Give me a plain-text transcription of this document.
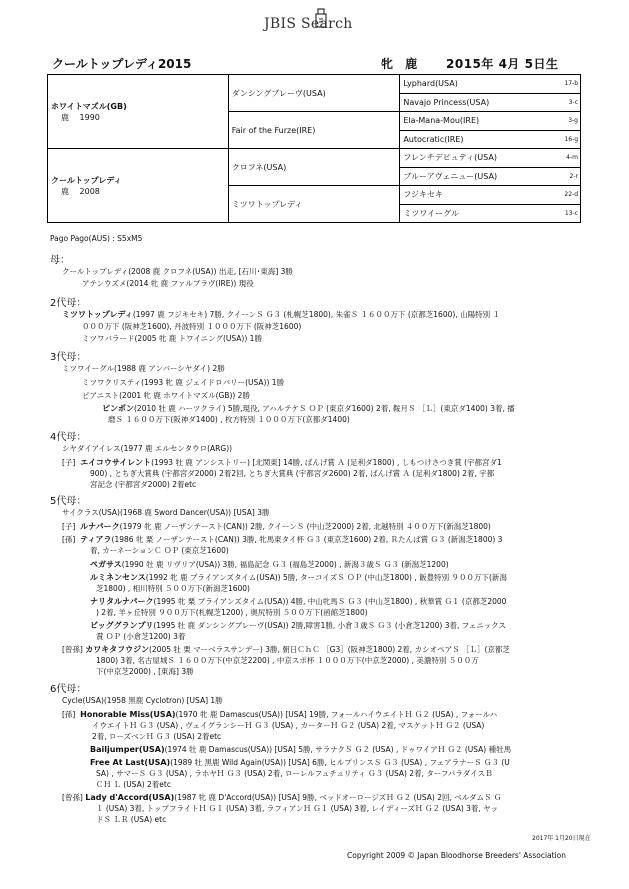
JBIS Search
クールトップレディ2015	牝 鹿 2015年 4月 5日生
ホワイトマズル(GB)
鹿　 1990	ダンシングブレーヴ(USA)	Lyphard(USA)	17-b
		Navajo Princess(USA)	3-c
	Fair of the Furze(IRE)	Ela-Mana-Mou(IRE)	3-g
		Autocratic(IRE)	16-g
クールトップレディ
鹿　 2008	クロフネ(USA)	フレンチデピュティ(USA)	4-m
		ブルーアヴェニュー(USA)	2-r
	ミツワトップレディ	フジキセキ	22-d
		ミツワイーグル	13-c
Pago Pago(AUS) : S5xM5
母：
クールトップレディ(2008 鹿 クロフネ(USA)) 出走, [石川･東海] 3勝
アテンウズメ(2014 牝 鹿 ファルブラヴ(IRE)) 現役
2代母：
ミツワトップレディ(1997 鹿 フジキセキ) 7勝, クイーンＳ Ｇ３ (札幌芝1800), 朱雀Ｓ １６００万下 (京都芝1600), 山陽特別 １
０００万下 (阪神芝1600), 丹波特別 １０００万下 (阪神芝1600)
ミツワバラード(2005 牝 鹿 トワイニング(USA)) 1勝
3代母：
ミツワイーグル(1988 鹿 アンバーシヤダイ) 2勝
ミツワクリスティ(1993 牝 鹿 ジェイドロバリー(USA)) 1勝
ピアニスト(2001 牝 鹿 ホワイトマズル(GB)) 2勝
ピンポン(2010 牡 鹿 ハーツクライ) 5勝,現役, アハルテケＳ ＯＰ (東京ダ1600) 2着, 鞍月Ｓ ［Ｌ］(東京ダ1400) 3着, 播
磨Ｓ １６００万下(阪神ダ1400) , 枚方特別 １０００万下(京都ダ1400)
4代母：
シヤダイアイレス(1977 鹿 エルセンタウロ(ARG))
[子] エイコウサイレント(1993 牡 鹿 アンシストリー) [北関東] 14勝, ばんげ賞 Ａ (足利ダ1800) , しもつけさつき賞 (宇都宮ダ1
900) , とちぎ大賞典 (宇都宮ダ2000) 2着2回, とちぎ大賞典 (宇都宮ダ2600) 2着, ばんげ賞 Ａ (足利ダ1800) 2着, 宇都
宮記念 (宇都宮ダ2000) 2着etc
5代母：
サイクラス(USA)(1968 鹿 Sword Dancer(USA)) [USA] 3勝
[子] ルナパーク(1979 牝 鹿 ノーザンテースト(CAN)) 2勝, クイーンＳ (中山芝2000) 2着, 北越特別 ４００万下(新潟芝1800)
[孫] ティアラ(1986 牝 栗 ノーザンテースト(CAN)) 3勝, 牝馬東タイ杯 Ｇ３ (東京芝1600) 2着, Ｒたんぱ賞 Ｇ３ (新潟芝1800) 3
着, カーネーションＣ ＯＰ (東京芝1600)
ペガサス(1990 牡 鹿 リヴリア(USA)) 3勝, 福島記念 Ｇ３ (福島芝2000) , 新潟３歳Ｓ Ｇ３ (新潟芝1200)
ルミネンセンス(1992 牝 鹿 ブライアンズタイム(USA)) 5勝, ターコイズＳ ＯＰ (中山芝1800) , 飯豊特別 ９００万下(新潟
芝1800) , 相川特別 ５００万下(新潟芝1600)
ナリタルナパーク(1995 牝 栗 ブライアンズタイム(USA)) 4勝, 中山牝馬Ｓ Ｇ３ (中山芝1800) , 秋華賞 Ｇ１ (京都芝2000
) 2着, 羊ヶ丘特別 ９００万下(札幌芝1200) , 奥尻特別 ５００万下(函館芝1800)
ビッググランプリ(1995 牡 鹿 ダンシングブレーヴ(USA)) 2勝,障害1勝, 小倉３歳Ｓ Ｇ３ (小倉芝1200) 3着, フェニックス
賞 ＯＰ (小倉芝1200) 3着
[曾孫] カワキタフウジン(2005 牡 栗 マーベラスサンデー) 3勝, 朝日ＣｈＣ ［G3］(阪神芝1800) 2着, カシオペアＳ ［Ｌ］(京都芝
1800) 3着, 名古屋城Ｓ １６００万下(中京芝2200) , 中京スポ杯 １０００万下(中京芝2000) , 美濃特別 ５００万
下(中京芝2000) , [東海] 3勝
6代母：
Cycle(USA)(1958 黒鹿 Cyclotron) [USA] 1勝
[孫] Honorable Miss(USA)(1970 牝 鹿 Damascus(USA)) [USA] 19勝, フォールハイウエイトＨ Ｇ２ (USA) , フォールハ
イウエイトＨ Ｇ３ (USA) , ヴェイグランシーＨ Ｇ３ (USA) , カーターＨ Ｇ２ (USA) 2着, マスケットＨ Ｇ２ (USA)
2着, ローズベンＨ Ｇ３ (USA) 2着etc
Bailjumper(USA)(1974 牡 鹿 Damascus(USA)) [USA] 5勝, サラナクＳ Ｇ２ (USA) , ドゥワイアＨ Ｇ２ (USA) 種牡馬
Free At Last(USA)(1989 牡 黒鹿 Wild Again(USA)) [USA] 6勝, ヒルプリンスＳ Ｇ３ (USA) , フェアラナーＳ Ｇ３ (U
SA) , サマーＳ Ｇ３ (USA) , ラホヤＨ Ｇ３ (USA) 2着, ローレルフュチュリティ Ｇ３ (USA) 2着, ターフパラダイスＢ
ＣＨ Ｌ (USA) 2着etc
[曾孫] Lady d'Accord(USA)(1987 牝 鹿 D'Accord(USA)) [USA] 9勝, ベッドオーロージズＨ Ｇ２ (USA) 2回, ベルダムＳ Ｇ
１ (USA) 3着, トップフライトＨ Ｇ１ (USA) 3着, ラフィアンＨ Ｇ１ (USA) 3着, レイディーズＨ Ｇ２ (USA) 3着, ヤッ
ドＳ ＬＲ (USA) etc
2017年 1月20日現在
Copyright 2009 © Japan Bloodhorse Breeders' Association
